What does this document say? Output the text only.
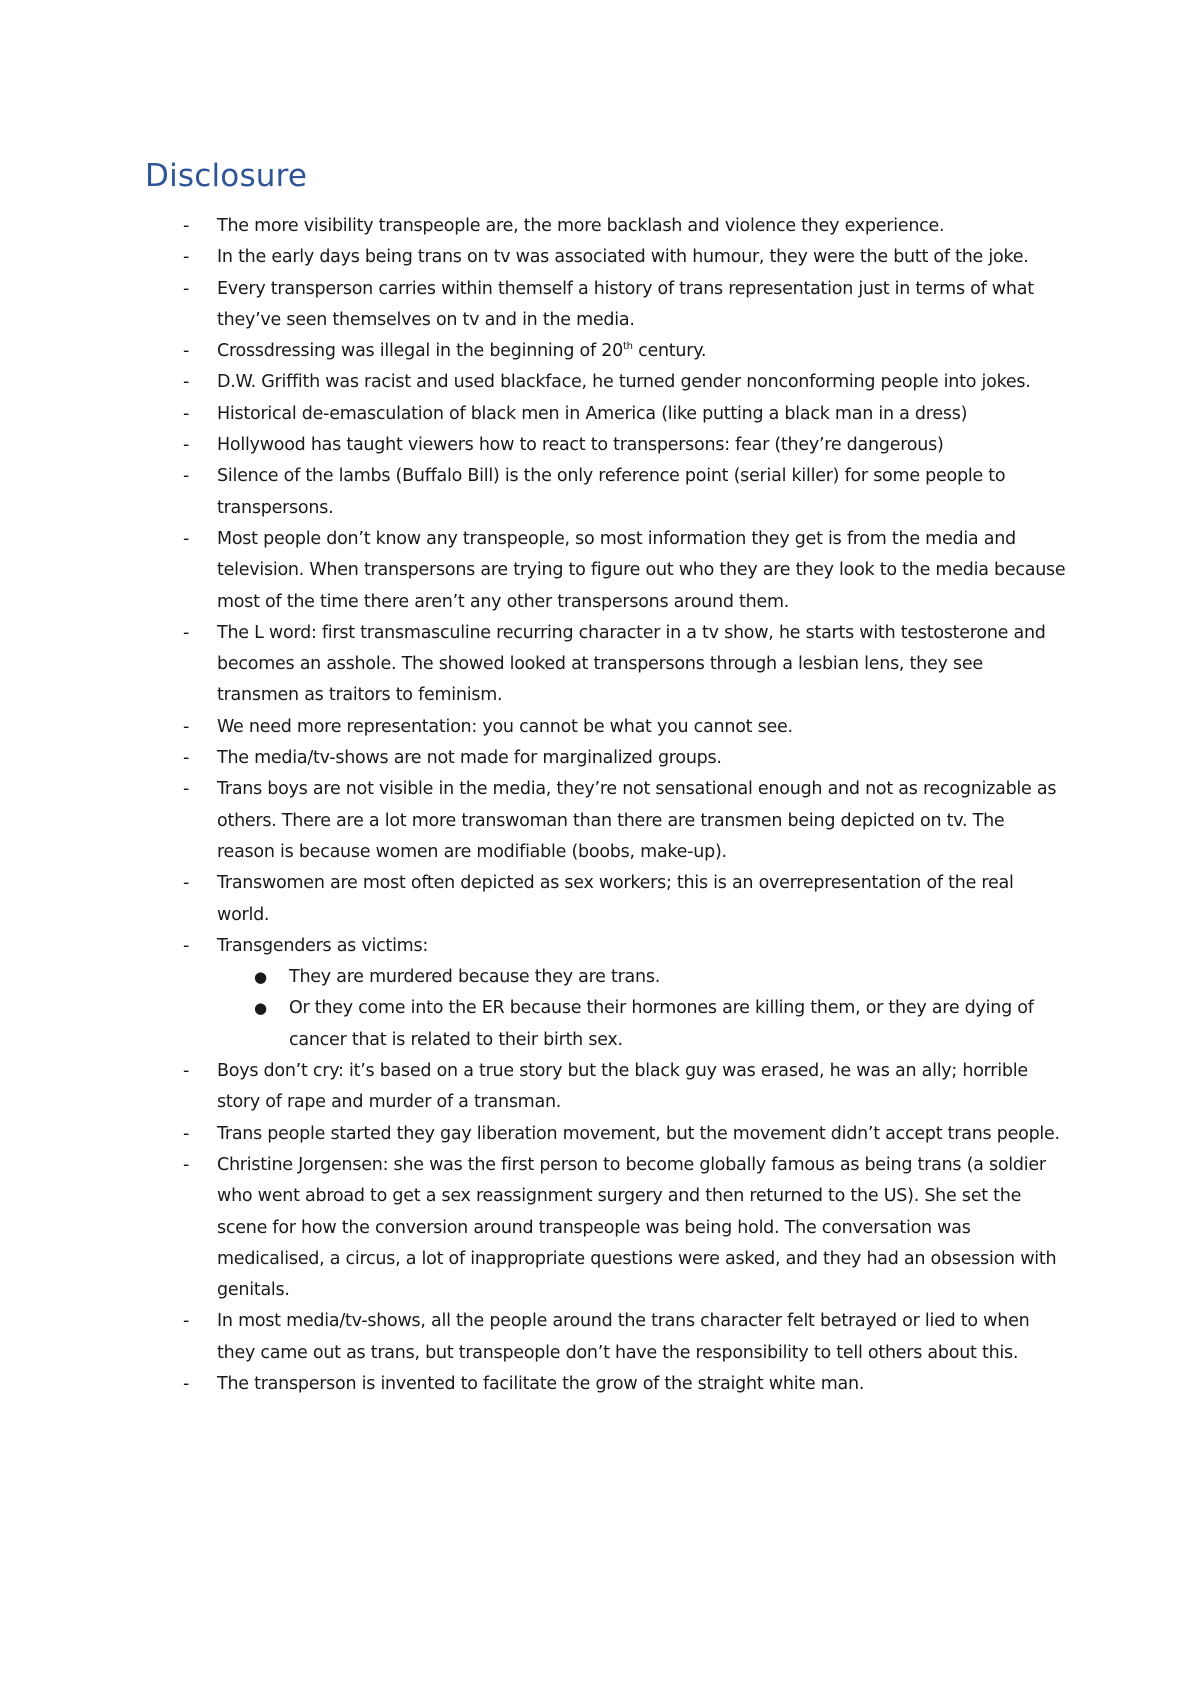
Disclosure
- The more visibility transpeople are, the more backlash and violence they experience.
- In the early days being trans on tv was associated with humour, they were the butt of the joke.
- Every transperson carries within themself a history of trans representation just in terms of what they’ve seen themselves on tv and in the media.
- Crossdressing was illegal in the beginning of 20th century.
- D.W. Griffith was racist and used blackface, he turned gender nonconforming people into jokes.
- Historical de-emasculation of black men in America (like putting a black man in a dress)
- Hollywood has taught viewers how to react to transpersons: fear (they’re dangerous)
- Silence of the lambs (Buffalo Bill) is the only reference point (serial killer) for some people to transpersons.
- Most people don’t know any transpeople, so most information they get is from the media and television. When transpersons are trying to figure out who they are they look to the media because most of the time there aren’t any other transpersons around them.
- The L word: first transmasculine recurring character in a tv show, he starts with testosterone and becomes an asshole. The showed looked at transpersons through a lesbian lens, they see transmen as traitors to feminism.
- We need more representation: you cannot be what you cannot see.
- The media/tv-shows are not made for marginalized groups.
- Trans boys are not visible in the media, they’re not sensational enough and not as recognizable as others. There are a lot more transwoman than there are transmen being depicted on tv. The reason is because women are modifiable (boobs, make-up).
- Transwomen are most often depicted as sex workers; this is an overrepresentation of the real world.
- Transgenders as victims:
● They are murdered because they are trans.
● Or they come into the ER because their hormones are killing them, or they are dying of cancer that is related to their birth sex.
- Boys don’t cry: it’s based on a true story but the black guy was erased, he was an ally; horrible story of rape and murder of a transman.
- Trans people started they gay liberation movement, but the movement didn’t accept trans people.
- Christine Jorgensen: she was the first person to become globally famous as being trans (a soldier who went abroad to get a sex reassignment surgery and then returned to the US). She set the scene for how the conversion around transpeople was being hold. The conversation was medicalised, a circus, a lot of inappropriate questions were asked, and they had an obsession with genitals.
- In most media/tv-shows, all the people around the trans character felt betrayed or lied to when they came out as trans, but transpeople don’t have the responsibility to tell others about this.
- The transperson is invented to facilitate the grow of the straight white man.
